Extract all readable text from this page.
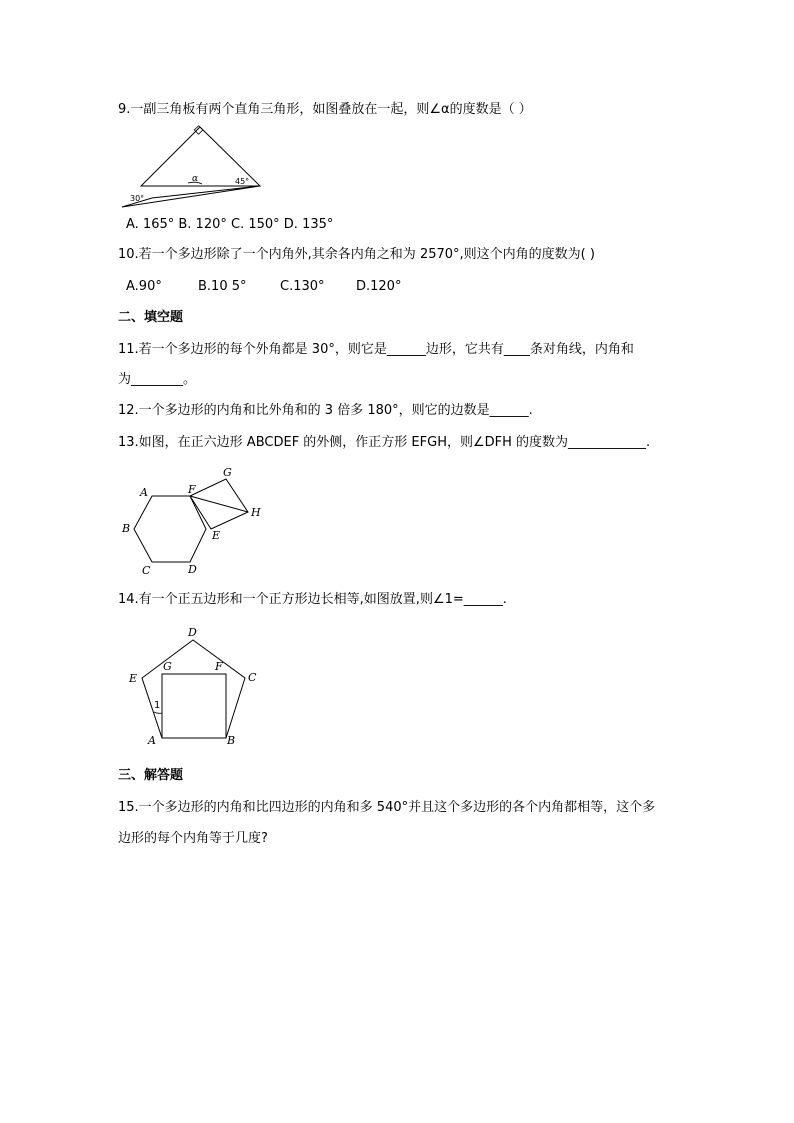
9.一副三角板有两个直角三角形，如图叠放在一起，则∠α的度数是（ ）
30°
45°
α
A. 165° B. 120° C. 150° D. 135°
10.若一个多边形除了一个内角外,其余各内角之和为 2570°,则这个内角的度数为( )
A.90°	B.10 5°	C.130° D.120°
二、填空题
11.若一个多边形的每个外角都是 30°，则它是______边形，它共有____条对角线，内角和
为________。
12.一个多边形的内角和比外角和的 3 倍多 180°，则它的边数是______.
13.如图，在正六边形 ABCDEF 的外侧，作正方形 EFGH，则∠DFH 的度数为____________.
A	F
G
H
B
E
C	D
14.有一个正五边形和一个正方形边长相等,如图放置,则∠1=______.
D
E	C
G	F
1
A	B
三、解答题
15.一个多边形的内角和比四边形的内角和多 540°并且这个多边形的各个内角都相等，这个多
边形的每个内角等于几度?
